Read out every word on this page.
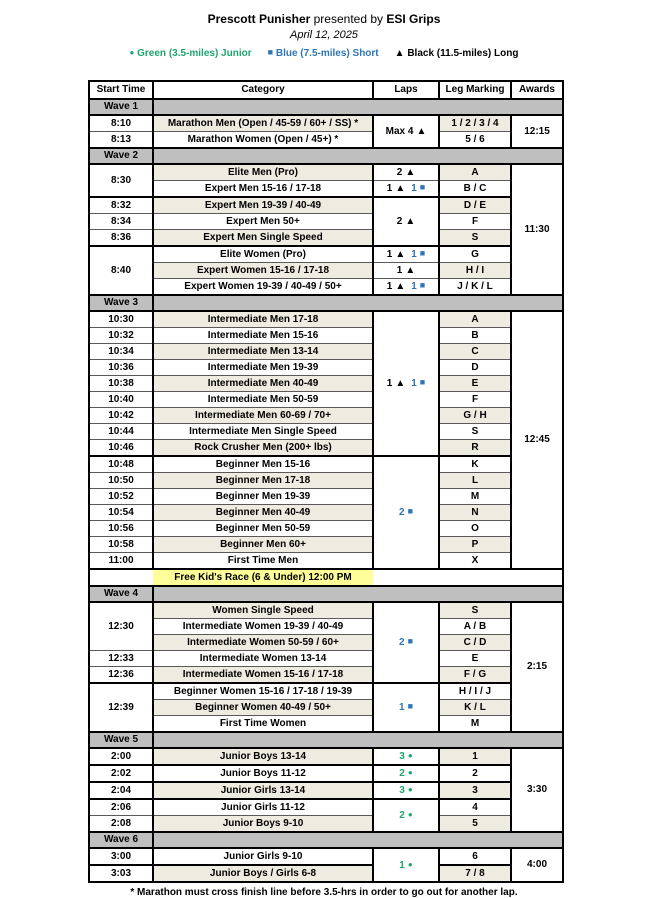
Prescott Punisher presented by ESI Grips
April 12, 2025
● Green (3.5-miles) Junior ■ Blue (7.5-miles) Short ▲ Black (11.5-miles) Long
Start Time	Category	Laps	Leg Marking	Awards
Wave 1				
8:10	Marathon Men (Open / 45-59 / 60+ / SS) *	Max 4 ▲	1 / 2 / 3 / 4	12:15
8:13	Marathon Women (Open / 45+) *		5 / 6	
Wave 2				
8:30	Elite Men (Pro)	2 ▲	A	11:30
	Expert Men 15-16 / 17-18	1 ▲ 1 ■	B / C	
8:32	Expert Men 19-39 / 40-49	2 ▲	D / E	
8:34	Expert Men 50+		F	
8:36	Expert Men Single Speed		S	
8:40	Elite Women (Pro)	1 ▲ 1 ■	G	
	Expert Women 15-16 / 17-18	1 ▲	H / I	
	Expert Women 19-39 / 40-49 / 50+	1 ▲ 1 ■	J / K / L	
Wave 3				
10:30	Intermediate Men 17-18	1 ▲ 1 ■	A	12:45
10:32	Intermediate Men 15-16		B	
10:34	Intermediate Men 13-14		C	
10:36	Intermediate Men 19-39		D	
10:38	Intermediate Men 40-49		E	
10:40	Intermediate Men 50-59		F	
10:42	Intermediate Men 60-69 / 70+		G / H	
10:44	Intermediate Men Single Speed		S	
10:46	Rock Crusher Men (200+ lbs)		R	
10:48	Beginner Men 15-16	2 ■	K	
10:50	Beginner Men 17-18		L	
10:52	Beginner Men 19-39		M	
10:54	Beginner Men 40-49		N	
10:56	Beginner Men 50-59		O	
10:58	Beginner Men 60+		P	
11:00	First Time Men		X	
	Free Kid's Race (6 & Under) 12:00 PM			
Wave 4				
12:30	Women Single Speed	2 ■	S	2:15
	Intermediate Women 19-39 / 40-49		A / B	
	Intermediate Women 50-59 / 60+		C / D	
12:33	Intermediate Women 13-14		E	
12:36	Intermediate Women 15-16 / 17-18		F / G	
12:39	Beginner Women 15-16 / 17-18 / 19-39	1 ■	H / I / J	
	Beginner Women 40-49 / 50+		K / L	
	First Time Women		M	
Wave 5				
2:00	Junior Boys 13-14	3 ●	1	3:30
2:02	Junior Boys 11-12	2 ●	2	
2:04	Junior Girls 13-14	3 ●	3	
2:06	Junior Girls 11-12	2 ●	4	
2:08	Junior Boys 9-10		5	
Wave 6				
3:00	Junior Girls 9-10	1 ●	6	4:00
3:03	Junior Boys / Girls 6-8		7 / 8	
* Marathon must cross finish line before 3.5-hrs in order to go out for another lap.
